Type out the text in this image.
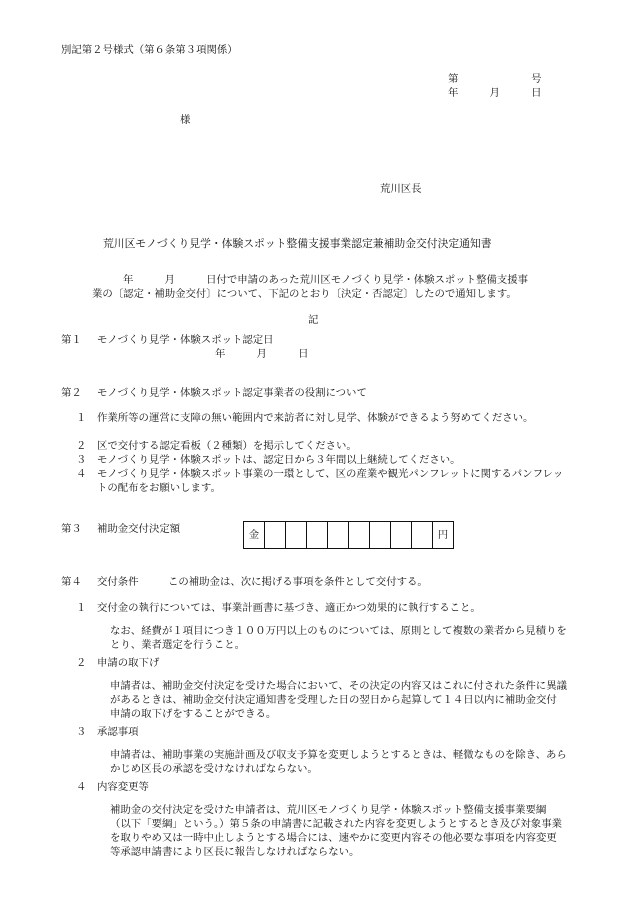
別記第２号様式（第６条第３項関係）
第　　　　　　　号
年　　　月　　　日
様
荒川区長
荒川区モノづくり見学・体験スポット整備支援事業認定兼補助金交付決定通知書
年　　　月　　　日付で申請のあった荒川区モノづくり見学・体験スポット整備支援事
業の〔認定・補助金交付〕について、下記のとおり〔決定・否認定〕したので通知します。
記
第１ モノづくり見学・体験スポット認定日
年　　　月　　　日
第２ モノづくり見学・体験スポット認定事業者の役割について
１ 作業所等の運営に支障の無い範囲内で来訪者に対し見学、体験ができるよう努めてください。
２ 区で交付する認定看板（２種類）を掲示してください。
３ モノづくり見学・体験スポットは、認定日から３年間以上継続してください。
４ モノづくり見学・体験スポット事業の一環として、区の産業や観光パンフレットに関するパンフレットの配布をお願いします。
第３ 補助金交付決定額	金									円
第４ 交付条件	この補助金は、次に掲げる事項を条件として交付する。
１ 交付金の執行については、事業計画書に基づき、適正かつ効果的に執行すること。
なお、経費が１項目につき１００万円以上のものについては、原則として複数の業者から見積りをとり、業者選定を行うこと。
２ 申請の取下げ
申請者は、補助金交付決定を受けた場合において、その決定の内容又はこれに付された条件に異議があるときは、補助金交付決定通知書を受理した日の翌日から起算して１４日以内に補助金交付申請の取下げをすることができる。
３ 承認事項
申請者は、補助事業の実施計画及び収支予算を変更しようとするときは、軽微なものを除き、あらかじめ区長の承認を受けなければならない。
４ 内容変更等
補助金の交付決定を受けた申請者は、荒川区モノづくり見学・体験スポット整備支援事業要綱（以下「要綱」という。）第５条の申請書に記載された内容を変更しようとするとき及び対象事業を取りやめ又は一時中止しようとする場合には、速やかに変更内容その他必要な事項を内容変更等承認申請書により区長に報告しなければならない。
